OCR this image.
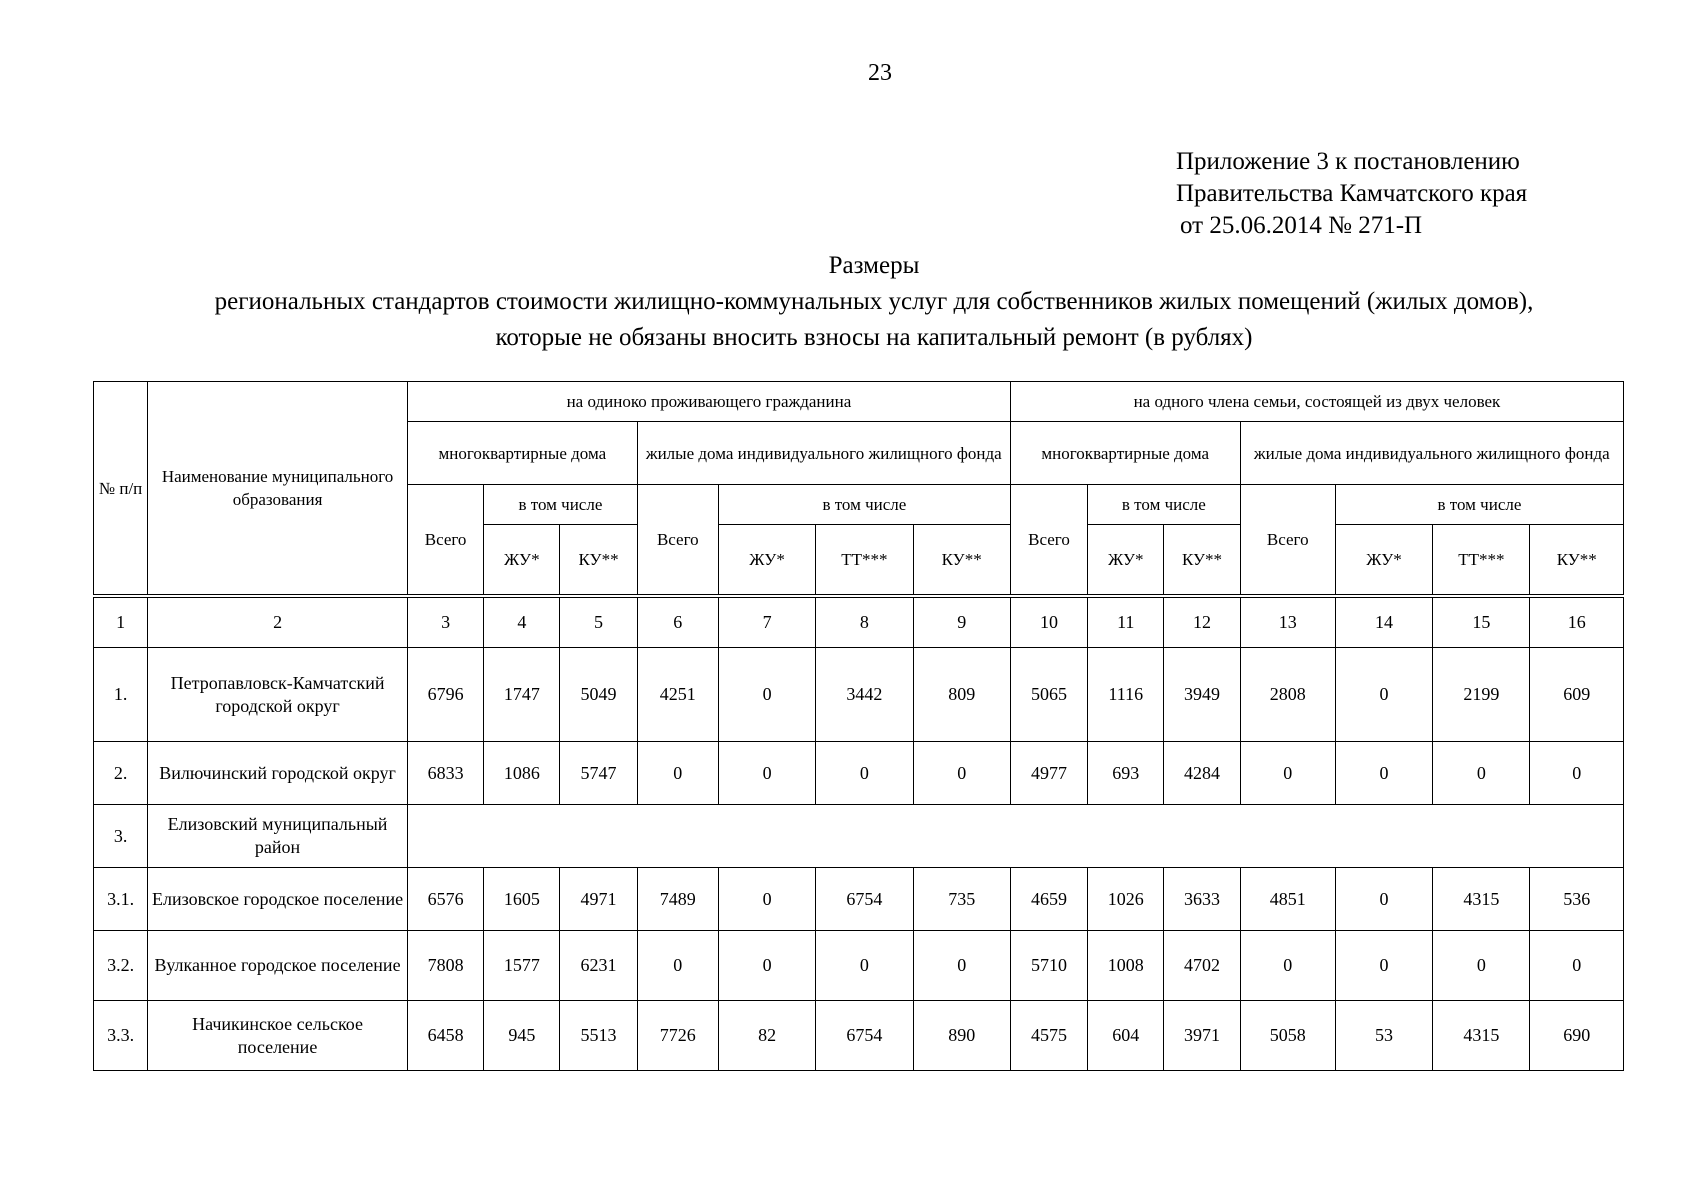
23
Приложение 3 к постановлению
Правительства Камчатского края
от 25.06.2014 № 271-П
Размеры
региональных стандартов стоимости жилищно-коммунальных услуг для собственников жилых помещений (жилых домов),
которые не обязаны вносить взносы на капитальный ремонт (в рублях)
№ п/п	Наименование муниципального образования	на одиноко проживающего гражданина							на одного члена семьи, состоящей из двух человек						
		многоквартирные дома			жилые дома индивидуального жилищного фонда				многоквартирные дома			жилые дома индивидуального жилищного фонда			
		Всего	в том числе		Всего	в том числе			Всего	в том числе		Всего	в том числе		
			ЖУ*	КУ**		ЖУ*	ТТ***	КУ**		ЖУ*	КУ**		ЖУ*	ТТ***	КУ**

1	2	3	4	5	6	7	8	9	10	11	12	13	14	15	16
1.	Петропавловск-Камчатский городской округ	6796	1747	5049	4251	0	3442	809	5065	1116	3949	2808	0	2199	609
2.	Вилючинский городской округ	6833	1086	5747	0	0	0	0	4977	693	4284	0	0	0	0
3.	Елизовский муниципальный район														
3.1.	Елизовское городское поселение	6576	1605	4971	7489	0	6754	735	4659	1026	3633	4851	0	4315	536
3.2.	Вулканное городское поселение	7808	1577	6231	0	0	0	0	5710	1008	4702	0	0	0	0
3.3.	Начикинское сельское поселение	6458	945	5513	7726	82	6754	890	4575	604	3971	5058	53	4315	690
